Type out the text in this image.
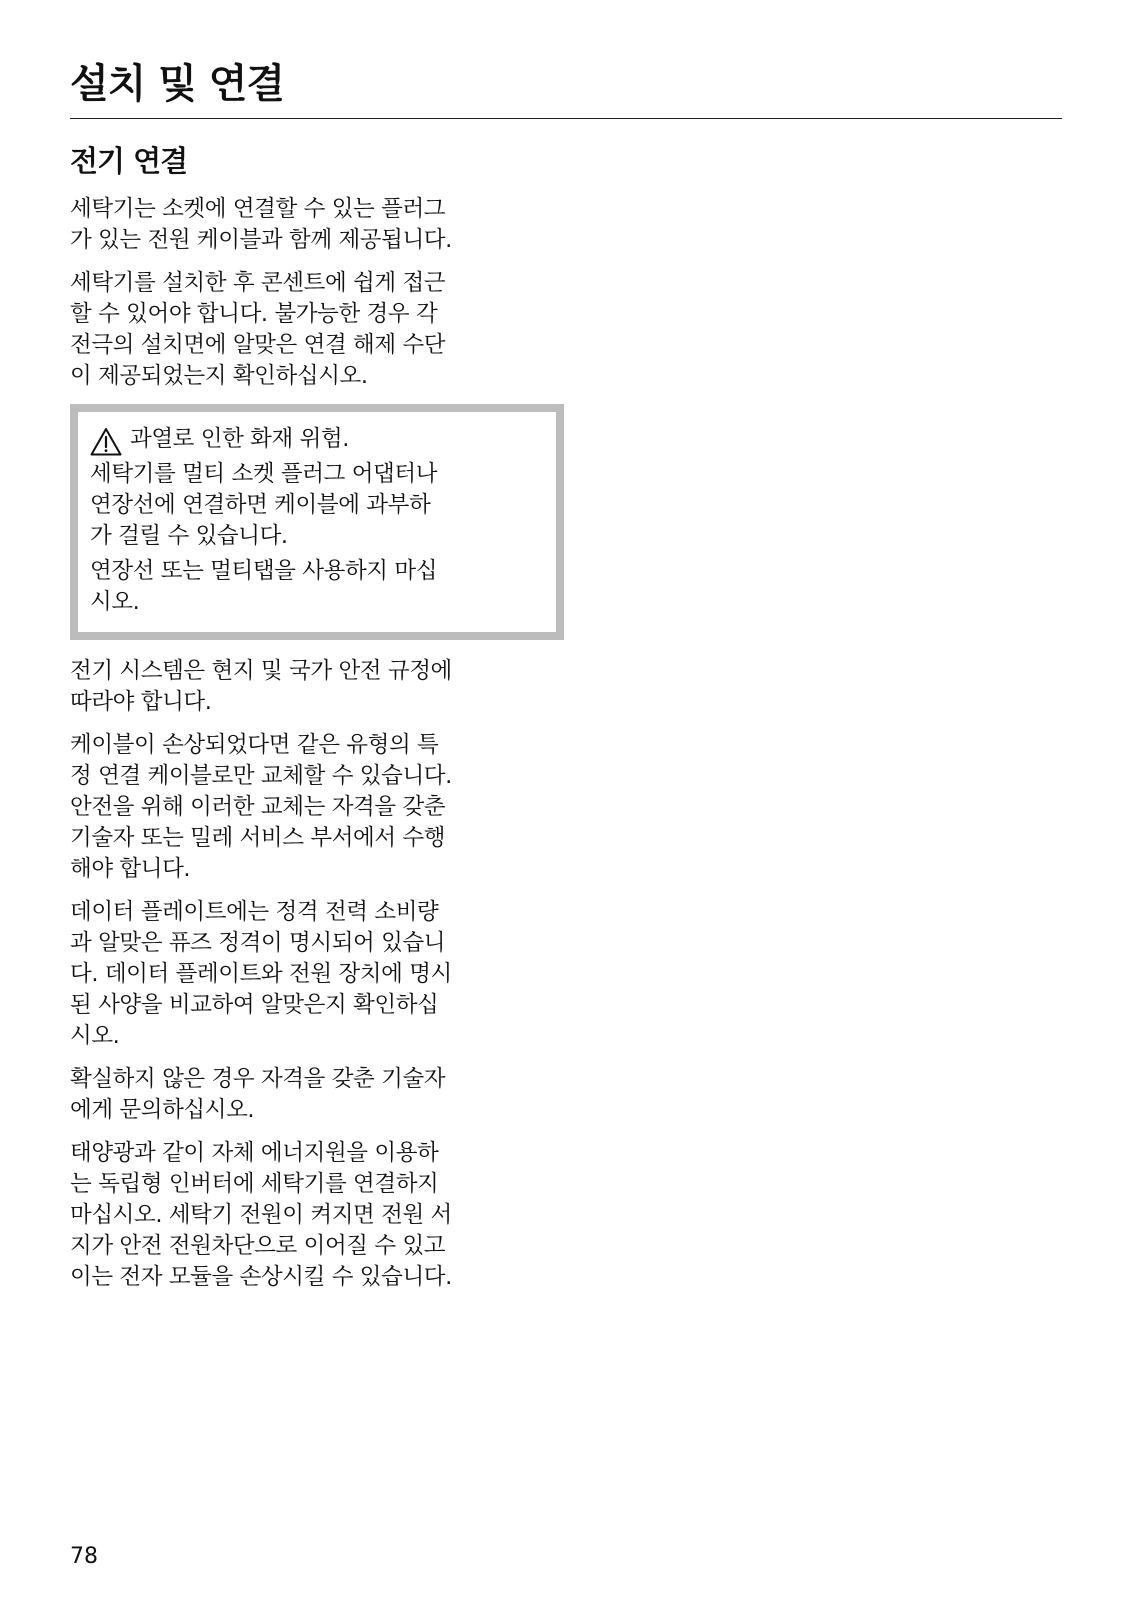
설치 및 연결
전기 연결

세탁기는 소켓에 연결할 수 있는 플러그
가 있는 전원 케이블과 함께 제공됩니다.

세탁기를 설치한 후 콘센트에 쉽게 접근
할 수 있어야 합니다. 불가능한 경우 각
전극의 설치면에 알맞은 연결 해제 수단
이 제공되었는지 확인하십시오.

과열로 인한 화재 위험.

세탁기를 멀티 소켓 플러그 어댑터나
연장선에 연결하면 케이블에 과부하
가 걸릴 수 있습니다.

연장선 또는 멀티탭을 사용하지 마십
시오.

전기 시스템은 현지 및 국가 안전 규정에
따라야 합니다.

케이블이 손상되었다면 같은 유형의 특
정 연결 케이블로만 교체할 수 있습니다.
안전을 위해 이러한 교체는 자격을 갖춘
기술자 또는 밀레 서비스 부서에서 수행
해야 합니다.

데이터 플레이트에는 정격 전력 소비량
과 알맞은 퓨즈 정격이 명시되어 있습니
다. 데이터 플레이트와 전원 장치에 명시
된 사양을 비교하여 알맞은지 확인하십
시오.

확실하지 않은 경우 자격을 갖춘 기술자
에게 문의하십시오.

태양광과 같이 자체 에너지원을 이용하
는 독립형 인버터에 세탁기를 연결하지
마십시오. 세탁기 전원이 켜지면 전원 서
지가 안전 전원차단으로 이어질 수 있고
이는 전자 모듈을 손상시킬 수 있습니다.

78
